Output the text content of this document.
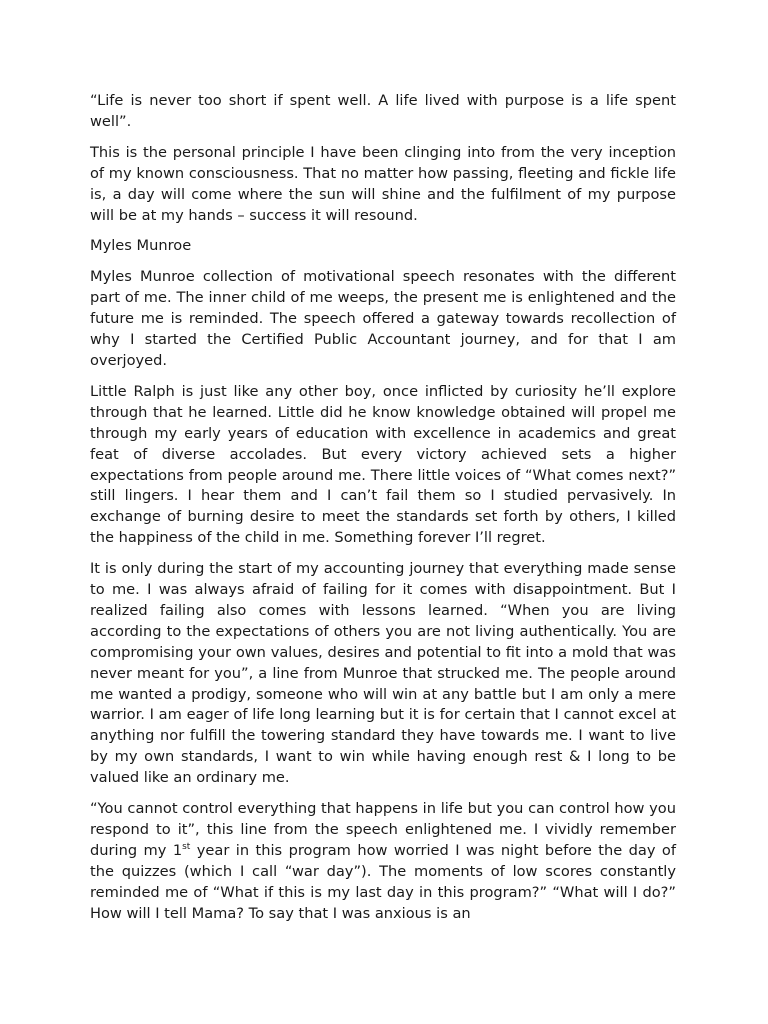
“Life is never too short if spent well. A life lived with purpose is a life spent well”.

This is the personal principle I have been clinging into from the very inception of my known consciousness. That no matter how passing, fleeting and fickle life is, a day will come where the sun will shine and the fulfilment of my purpose will be at my hands – success it will resound.

Myles Munroe

Myles Munroe collection of motivational speech resonates with the different part of me. The inner child of me weeps, the present me is enlightened and the future me is reminded. The speech offered a gateway towards recollection of why I started the Certified Public Accountant journey, and for that I am overjoyed.

Little Ralph is just like any other boy, once inflicted by curiosity he’ll explore through that he learned. Little did he know knowledge obtained will propel me through my early years of education with excellence in academics and great feat of diverse accolades. But every victory achieved sets a higher expectations from people around me. There little voices of “What comes next?” still lingers. I hear them and I can’t fail them so I studied pervasively. In exchange of burning desire to meet the standards set forth by others, I killed the happiness of the child in me. Something forever I’ll regret.

It is only during the start of my accounting journey that everything made sense to me. I was always afraid of failing for it comes with disappointment. But I realized failing also comes with lessons learned. “When you are living according to the expectations of others you are not living authentically. You are compromising your own values, desires and potential to fit into a mold that was never meant for you”, a line from Munroe that strucked me. The people around me wanted a prodigy, someone who will win at any battle but I am only a mere warrior. I am eager of life long learning but it is for certain that I cannot excel at anything nor fulfill the towering standard they have towards me. I want to live by my own standards, I want to win while having enough rest & I long to be valued like an ordinary me.

“You cannot control everything that happens in life but you can control how you respond to it”, this line from the speech enlightened me. I vividly remember during my 1st year in this program how worried I was night before the day of the quizzes (which I call “war day”). The moments of low scores constantly reminded me of “What if this is my last day in this program?” “What will I do?” How will I tell Mama? To say that I was anxious is an
